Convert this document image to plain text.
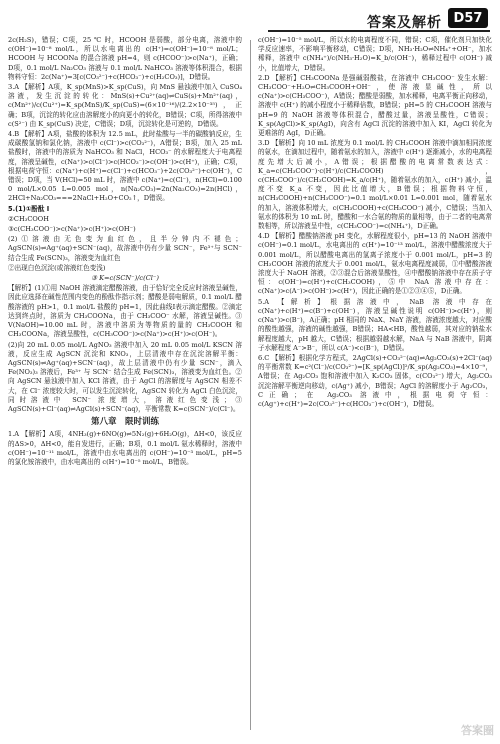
答案及解析 D57

2c(H₂S)，错误；C项，25 ℃ 时，HCOOH 是弱酸，部分电离，溶液中的 c(OH⁻)=10⁻⁸ mol/L，所以水电离出的 c(H⁺)=c(OH⁻)=10⁻⁸ mol/L；HCOOH 与 HCOONa 的混合溶液 pH=4，则 c(HCOO⁻)>c(Na⁺)，正确；D项，0.1 mol/L Na₂CO₃ 溶液与 0.1 mol/L NaHCO₃ 溶液等体积混合，根据物料守恒：2c(Na⁺)=3[c(CO₃²⁻)+c(HCO₃⁻)+c(H₂CO₃)]，D错误。

3.A 【解析】A项，K_sp(MnS)>K_sp(CuS)，向 MnS 悬浊液中加入 CuSO₄ 溶液，发生沉淀的转化：MnS(s)+Cu²⁺(aq)⇌CuS(s)+Mn²⁺(aq)，c(Mn²⁺)/c(Cu²⁺)=K_sp(MnS)/K_sp(CuS)=(6×10⁻¹⁶)/(2.2×10⁻³⁵)，正确；B项，沉淀的转化应由溶解度小的向更小的转化，B错误；C项，所得溶液中 c(S²⁻) 由 K_sp(CuS) 决定，C错误；D项，沉淀转化是可逆的，D错误。

4.B 【解析】A项，盐酸的体积为 12.5 mL，此时盐酸与一半的碳酸钠反应，生成碳酸氢钠和氯化钠，溶液中 c(Cl⁻)>c(CO₃²⁻)，A错误；B项，加入 25 mL 盐酸时，溶液中的溶质为 NaHCO₃ 和 NaCl，HCO₃⁻ 的水解程度大于电离程度，溶液呈碱性，c(Na⁺)>c(Cl⁻)>c(HCO₃⁻)>c(OH⁻)>c(H⁺)，正确；C项，根据电荷守恒：c(Na⁺)+c(H⁺)=c(Cl⁻)+c(HCO₃⁻)+2c(CO₃²⁻)+c(OH⁻)，C错误；D项，当 V(HCl)=50 mL 时，溶液中 c(Na⁺)=c(Cl⁻)，n(HCl)=0.100 0 mol/L×0.05 L=0.005 mol，n(Na₂CO₃)=2n(Na₂CO₃)=2n(HCl)，2HCl+Na₂CO₃===2NaCl+H₂O+CO₂↑，D错误。

5.(1)①酚酞 Ⅰ

②CH₃COOH

③c(CH₃COO⁻)>c(Na⁺)>c(H⁺)>c(OH⁻)

(2)①溶液由无色变为血红色，且半分钟内不褪色；AgSCN(s)⇌Ag⁺(aq)+SCN⁻(aq)，故溶液中仍有少量 SCN⁻，Fe³⁺与 SCN⁻ 结合生成 Fe(SCN)₃，溶液变为血红色

②出现白色沉淀(或溶液红色变浅)

③ K=c(SCN⁻)/c(Cl⁻)

【解析】(1)①用 NaOH 溶液滴定醋酸溶液，由于恰好完全反应时溶液呈碱性，因此应选择在碱性范围内变色的酚酞作指示剂；醋酸是弱电解质，0.1 mol/L 醋酸溶液的 pH>1，0.1 mol/L 盐酸的 pH=1，因此曲线Ⅰ表示滴定醋酸。②滴定达到终点时，溶质为 CH₃COONa，由于 CH₃COO⁻ 水解，溶液呈碱性。③ V(NaOH)=10.00 mL 时，溶液中溶质为等物质的量的 CH₃COOH 和 CH₃COONa，溶液呈酸性，c(CH₃COO⁻)>c(Na⁺)>c(H⁺)>c(OH⁻)。

(2)向 20 mL 0.05 mol/L AgNO₃ 溶液中加入 20 mL 0.05 mol/L KSCN 溶液，反应生成 AgSCN 沉淀和 KNO₃，上层清液中存在沉淀溶解平衡：AgSCN(s)⇌Ag⁺(aq)+SCN⁻(aq)，故上层清液中仍有少量 SCN⁻，滴入 Fe(NO₃)₃ 溶液后，Fe³⁺ 与 SCN⁻ 结合生成 Fe(SCN)₃，溶液变为血红色。②向 AgSCN 悬浊液中加入 KCl 溶液，由于 AgCl 的溶解度与 AgSCN 相差不大，在 Cl⁻ 浓度较大时，可以发生沉淀转化，AgSCN 转化为 AgCl 白色沉淀，同时溶液中 SCN⁻ 浓度增大，溶液红色变浅；③ AgSCN(s)+Cl⁻(aq)⇌AgCl(s)+SCN⁻(aq)，平衡常数 K=c(SCN⁻)/c(Cl⁻)。

第八章　限时训练

1.A 【解析】A项，4NH₃(g)+6NO(g)⇌5N₂(g)+6H₂O(g)，ΔH<0，该反应的ΔS>0，ΔH<0，能自发进行，正确；B项，0.1 mol/L 氨水稀释时，溶液中 c(OH⁻)=10⁻¹¹ mol/L，溶液中由水电离出的 c(OH⁻)=10⁻³ mol/L，pH=5 的氯化铵溶液中，由水电离出的 c(H⁺)=10⁻⁵ mol/L，B错误。

c(OH⁻)=10⁻⁵ mol/L，所以水的电离程度不同，错误；C项，催化剂只加快化学反应速率，不影响平衡移动，C错误；D项，NH₃·H₂O⇌NH₄⁺+OH⁻，加水稀释，溶液中 c(NH₄⁺)/c(NH₃·H₂O)=K_b/c(OH⁻)，稀释过程中 c(OH⁻) 减小，比值增大，D错误。

2.D 【解析】CH₃COONa 是强碱弱酸盐，在溶液中 CH₃COO⁻ 发生水解：CH₃COO⁻+H₂O⇌CH₃COOH+OH⁻，使溶液显碱性，所以 c(Na⁺)>c(CH₃COO⁻)，A错误；醋酸是弱酸，加水稀释，电离平衡正向移动，溶液中 c(H⁺) 的减小程度小于稀释倍数，B错误；pH=5 的 CH₃COOH 溶液与 pH=9 的 NaOH 溶液等体积混合，醋酸过量，溶液呈酸性，C错误；K_sp(AgCl)>K_sp(AgI)，向含有 AgCl 沉淀的溶液中加入 KI，AgCl 转化为更难溶的 AgI，D正确。

3.D 【解析】向 10 mL 浓度为 0.1 mol/L 的 CH₃COOH 溶液中滴加相同浓度的氨水，在滴加过程中，随着氨水的加入，溶液中 c(H⁺) 逐渐减小，水的电离程度先增大后减小，A错误；根据醋酸的电离常数表达式：K_a=c(CH₃COO⁻)·c(H⁺)/c(CH₃COOH)，c(CH₃COO⁻)/c(CH₃COOH)=K_a/c(H⁺)，随着氨水的加入，c(H⁺) 减小，温度不变 K_a 不变，因此比值增大，B错误；根据物料守恒，n(CH₃COOH)+n(CH₃COO⁻)=0.1 mol/L×0.01 L=0.001 mol，随着氨水的加入，溶液体积增大，c(CH₃COOH)+c(CH₃COO⁻) 减小，C错误；当加入氨水的体积为 10 mL 时，醋酸和一水合氨的物质的量相等，由于二者的电离常数相等，所以溶液呈中性，c(CH₃COO⁻)=c(NH₄⁺)，D正确。

4.D 【解析】醋酸钠溶液 pH 变化，水解程度很小，pH=13 的 NaOH 溶液中 c(OH⁻)=0.1 mol/L，水电离出的 c(H⁺)=10⁻¹³ mol/L，溶液中醋酸浓度大于 0.001 mol/L，所以醋酸电离出的氢离子浓度小于 0.001 mol/L，pH=3 的 CH₃COOH 溶液的浓度大于 0.001 mol/L，氨水电离程度减弱，①中醋酸溶液浓度大于 NaOH 溶液，②③混合后溶液显酸性，④中醋酸钠溶液中存在质子守恒：c(OH⁻)=c(H⁺)+c(CH₃COOH)，⑤中 NaA 溶液中存在：c(Na⁺)>c(A⁻)>c(OH⁻)>c(H⁺)，因此正确的是①②③④⑤，D正确。

5.A 【解析】根据溶液中，NaB 溶液中存在 c(Na⁺)+c(H⁺)=c(B⁻)+c(OH⁻)，溶液呈碱性说明 c(OH⁻)>c(H⁺)，则 c(Na⁺)>c(B⁻)，A正确；pH 相同的 NaX、NaY 溶液，溶液浓度越大，对应酸的酸性越强，溶液的碱性越强，B错误；HA<HB，酸性越弱，其对应的钠盐水解程度越大，pH 越大，C错误；根据越弱越水解，NaA 与 NaB 溶液中，阴离子水解程度 A⁻>B⁻，所以 c(A⁻)<c(B⁻)，D错误。

6.C 【解析】根据化学方程式，2AgCl(s)+CO₃²⁻(aq)⇌Ag₂CO₃(s)+2Cl⁻(aq) 的平衡常数 K=c²(Cl⁻)/c(CO₃²⁻)=[K_sp(AgCl)]²/K_sp(Ag₂CO₃)=4×10⁻⁹，A错误；在 Ag₂CO₃ 饱和溶液中加入 K₂CO₃ 固体，c(CO₃²⁻) 增大，Ag₂CO₃ 沉淀溶解平衡逆向移动，c(Ag⁺) 减小，B错误；AgCl 的溶解度小于 Ag₂CO₃，C正确；在 Ag₂CO₃ 溶液中，根据电荷守恒：c(Ag⁺)+c(H⁺)=2c(CO₃²⁻)+c(HCO₃⁻)+c(OH⁻)，D错误。

答案圈
